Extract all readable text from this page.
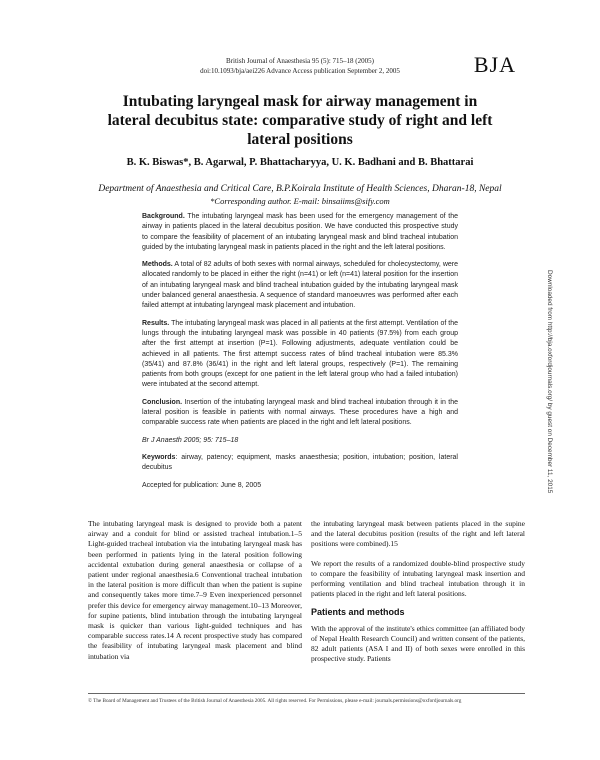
British Journal of Anaesthesia 95 (5): 715–18 (2005)
doi:10.1093/bja/aei226 Advance Access publication September 2, 2005	BJA
Intubating laryngeal mask for airway management in lateral decubitus state: comparative study of right and left lateral positions
B. K. Biswas*, B. Agarwal, P. Bhattacharyya, U. K. Badhani and B. Bhattarai
Department of Anaesthesia and Critical Care, B.P.Koirala Institute of Health Sciences, Dharan-18, Nepal
*Corresponding author. E-mail: binsaiims@sify.com

Background. The intubating laryngeal mask has been used for the emergency management of the airway in patients placed in the lateral decubitus position. We have conducted this prospective study to compare the feasibility of placement of an intubating laryngeal mask and blind tracheal intubation guided by the intubating laryngeal mask in patients placed in the right and the left lateral positions.

Methods. A total of 82 adults of both sexes with normal airways, scheduled for cholecystectomy, were allocated randomly to be placed in either the right (n=41) or left (n=41) lateral position for the insertion of an intubating laryngeal mask and blind tracheal intubation guided by the intubating laryngeal mask under balanced general anaesthesia. A sequence of standard manoeuvres was performed after each failed attempt at intubating laryngeal mask placement and intubation.

Results. The intubating laryngeal mask was placed in all patients at the first attempt. Ventilation of the lungs through the intubating laryngeal mask was possible in 40 patients (97.5%) from each group after the first attempt at insertion (P=1). Following adjustments, adequate ventilation could be achieved in all patients. The first attempt success rates of blind tracheal intubation were 85.3% (35/41) and 87.8% (36/41) in the right and left lateral groups, respectively (P=1). The remaining patients from both groups (except for one patient in the left lateral group who had a failed intubation) were intubated at the second attempt.

Conclusion. Insertion of the intubating laryngeal mask and blind tracheal intubation through it in the lateral position is feasible in patients with normal airways. These procedures have a high and comparable success rate when patients are placed in the right and left lateral positions.

Br J Anaesth 2005; 95: 715–18

Keywords: airway, patency; equipment, masks anaesthesia; position, intubation; position, lateral decubitus

Accepted for publication: June 8, 2005	Downloaded from http://bja.oxfordjournals.org/ by guest on December 11, 2015

The intubating laryngeal mask is designed to provide both a patent airway and a conduit for blind or assisted tracheal intubation.1–5 Light-guided tracheal intubation via the intubating laryngeal mask has been performed in patients lying in the lateral position following accidental extubation during general anaesthesia or collapse of a patient under regional anaesthesia.6 Conventional tracheal intubation in the lateral position is more difficult than when the patient is supine and consequently takes more time.7–9 Even inexperienced personnel prefer this device for emergency airway management.10–13 Moreover, for supine patients, blind intubation through the intubating laryngeal mask is quicker than various light-guided techniques and has comparable success rates.14 A recent prospective study has compared the feasibility of intubating laryngeal mask placement and blind intubation via

the intubating laryngeal mask between patients placed in the supine and the lateral decubitus position (results of the right and left lateral positions were combined).15

We report the results of a randomized double-blind prospective study to compare the feasibility of intubating laryngeal mask insertion and performing ventilation and blind tracheal intubation through it in patients placed in the right and left lateral positions.

Patients and methods

With the approval of the institute's ethics committee (an affiliated body of Nepal Health Research Council) and written consent of the patients, 82 adult patients (ASA I and II) of both sexes were enrolled in this prospective study. Patients

© The Board of Management and Trustees of the British Journal of Anaesthesia 2005. All rights reserved. For Permissions, please e-mail: journals.permissions@oxfordjournals.org
